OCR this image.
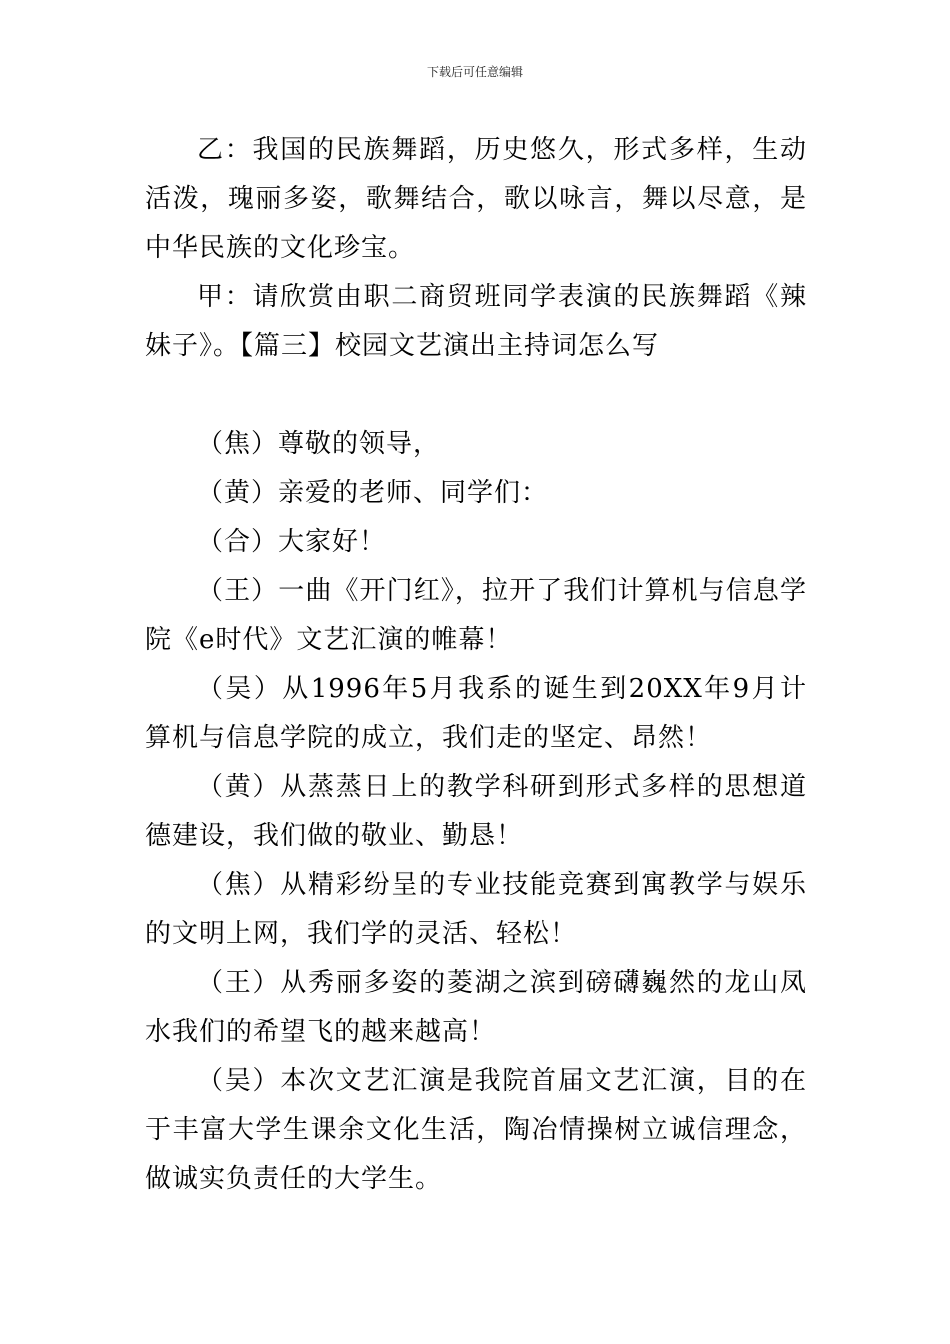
下载后可任意编辑

乙：我国的民族舞蹈，历史悠久，形式多样，生动活泼，瑰丽多姿，歌舞结合，歌以咏言，舞以尽意，是中华民族的文化珍宝。

甲：请欣赏由职二商贸班同学表演的民族舞蹈《辣妹子》。【篇三】校园文艺演出主持词怎么写

（焦）尊敬的领导，

（黄）亲爱的老师、同学们：

（合）大家好！

（王）一曲《开门红》，拉开了我们计算机与信息学院《e时代》文艺汇演的帷幕！

（吴）从1996年5月我系的诞生到20XX年9月计算机与信息学院的成立，我们走的坚定、昂然！

（黄）从蒸蒸日上的教学科研到形式多样的思想道德建设，我们做的敬业、勤恳！

（焦）从精彩纷呈的专业技能竞赛到寓教学与娱乐的文明上网，我们学的灵活、轻松！

（王）从秀丽多姿的菱湖之滨到磅礴巍然的龙山凤水我们的希望飞的越来越高！

（吴）本次文艺汇演是我院首届文艺汇演，目的在于丰富大学生课余文化生活，陶冶情操树立诚信理念，做诚实负责任的大学生。
